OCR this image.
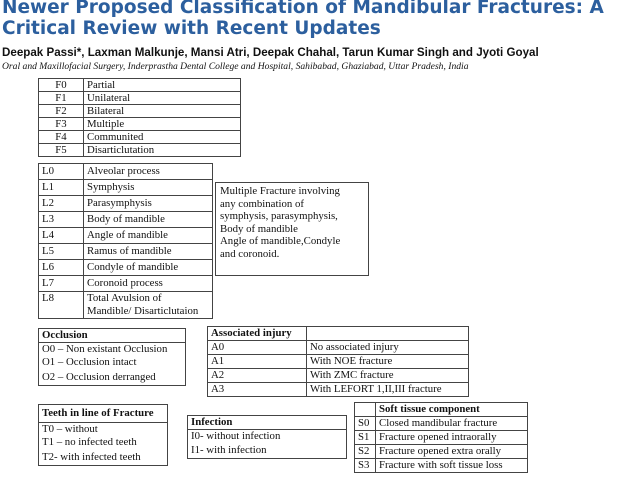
Newer Proposed Classification of Mandibular Fractures: A Critical Review with Recent Updates
Deepak Passi*, Laxman Malkunje, Mansi Atri, Deepak Chahal, Tarun Kumar Singh and Jyoti Goyal
Oral and Maxillofacial Surgery, Inderprastha Dental College and Hospital, Sahibabad, Ghaziabad, Uttar Pradesh, India
F0	Partial
F1	Unilateral
F2	Bilateral
F3	Multiple
F4	Communited
F5	Disarticlutation
L0	Alveolar process
L1	Symphysis
L2	Parasymphysis
L3	Body of mandible
L4	Angle of mandible
L5	Ramus of mandible
L6	Condyle of mandible
L7	Coronoid process
L8	Total Avulsion of
Mandible/ Disarticlutaion
Multiple Fracture involving
any combination of
symphysis, parasymphysis,
Body of mandible
Angle of mandible,Condyle
and coronoid.
Occlusion
O0 – Non existant Occlusion
O1 – Occlusion intact
O2 – Occlusion derranged
Associated injury	
A0	No associated injury
A1	With NOE fracture
A2	With ZMC fracture
A3	With LEFORT 1,II,III fracture
Teeth in line of Fracture
T0 – without
T1 – no infected teeth
T2- with infected teeth
Infection
I0- without infection
I1- with infection
	Soft tissue component
S0	Closed mandibular fracture
S1	Fracture opened intraorally
S2	Fracture opened extra orally
S3	Fracture with soft tissue loss
